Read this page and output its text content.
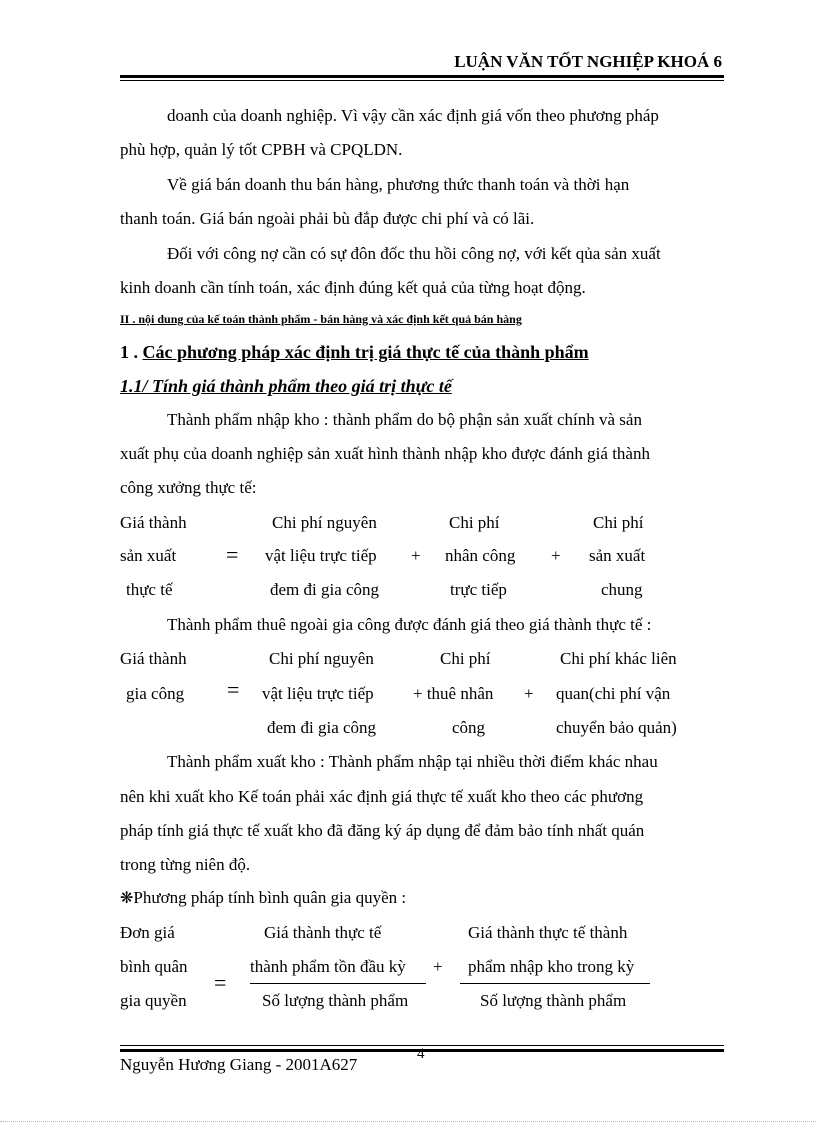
LUẬN VĂN TỐT NGHIỆP KHOÁ 6
doanh của doanh nghiệp. Vì vậy cần xác định giá vốn theo phương pháp
phù hợp, quản lý tốt CPBH và CPQLDN.
Về giá bán doanh thu bán hàng, phương thức thanh toán và thời hạn
thanh toán. Giá bán ngoài phải bù đắp được chi phí và có lãi.
Đối với công nợ cần có sự đôn đốc thu hồi công nợ, với kết qủa sản xuất
kinh doanh cần tính toán, xác định đúng kết quả của từng hoạt động.
II . nội dung của kế toán thành phẩm - bán hàng và xác định kết quả bán hàng
1 . Các phương pháp xác định trị giá thực tế của thành phẩm
1.1/ Tính giá thành phẩm theo giá trị thực tế
Thành phẩm nhập kho : thành phẩm do bộ phận sản xuất chính và sản
xuất phụ của doanh nghiệp sản xuất hình thành nhập kho được đánh giá thành
công xưởng thực tế:
Giá thành
sản xuất
thực tế
=
Chi phí nguyên
vật liệu trực tiếp
đem đi gia công
+
Chi phí
nhân công
trực tiếp
+
Chi phí
sản xuất
chung
Thành phẩm thuê ngoài gia công được đánh giá theo giá thành thực tế :
Giá thành
gia công =
Chi phí nguyên
vật liệu trực tiếp
đem đi gia công
Chi phí
+ thuê nhân
công
+
Chi phí khác liên
quan(chi phí vận
chuyển bảo quản)
Thành phẩm xuất kho : Thành phẩm nhập tại nhiều thời điểm khác nhau
nên khi xuất kho Kế toán phải xác định giá thực tế xuất kho theo các phương
pháp tính giá thực tế xuất kho đã đăng ký áp dụng để đảm bảo tính nhất quán
trong từng niên độ.
❋Phương pháp tính bình quân gia quyền :
Đơn giá
bình quân
gia quyền
=
Giá thành thực tế
thành phẩm tồn đầu kỳ
Số lượng thành phẩm
+
Giá thành thực tế thành
phẩm nhập kho trong kỳ
Số lượng thành phẩm
Nguyễn Hương Giang - 2001A627
4
